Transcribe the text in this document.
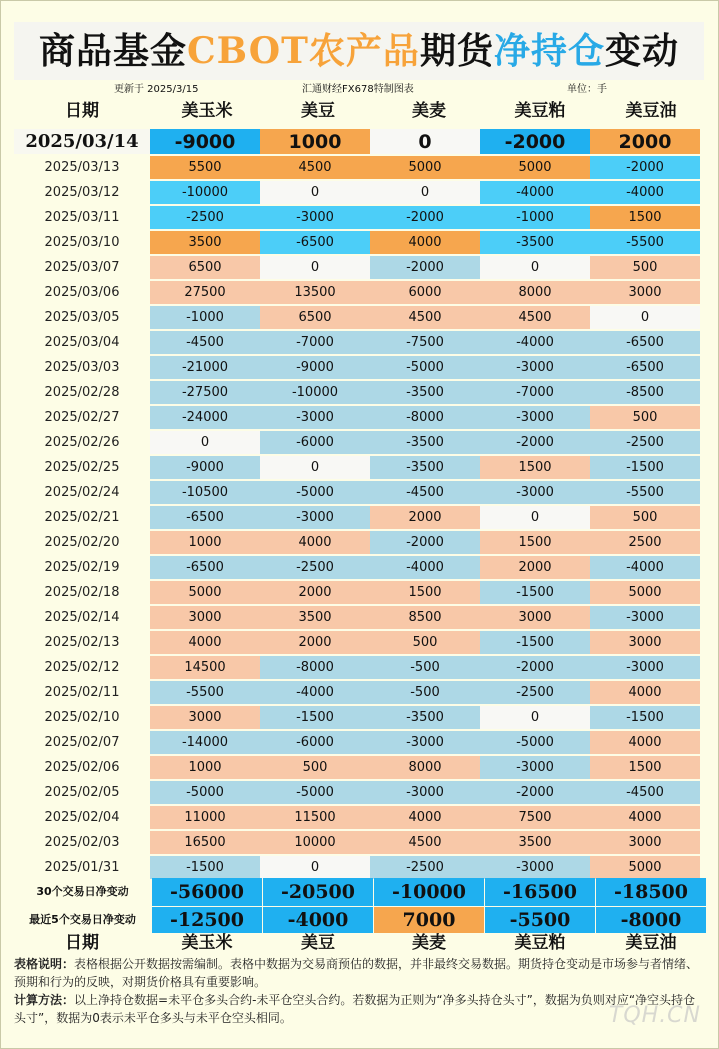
商品基金CBOT农产品期货净持仓变动
更新于 2025/3/15	汇通财经FX678特制图表	单位：手
日期	美玉米	美豆	美麦	美豆粕	美豆油
2025/03/14	-9000	1000	0	-2000	2000
2025/03/13	5500	4500	5000	5000	-2000
2025/03/12	-10000	0	0	-4000	-4000
2025/03/11	-2500	-3000	-2000	-1000	1500
2025/03/10	3500	-6500	4000	-3500	-5500
2025/03/07	6500	0	-2000	0	500
2025/03/06	27500	13500	6000	8000	3000
2025/03/05	-1000	6500	4500	4500	0
2025/03/04	-4500	-7000	-7500	-4000	-6500
2025/03/03	-21000	-9000	-5000	-3000	-6500
2025/02/28	-27500	-10000	-3500	-7000	-8500
2025/02/27	-24000	-3000	-8000	-3000	500
2025/02/26	0	-6000	-3500	-2000	-2500
2025/02/25	-9000	0	-3500	1500	-1500
2025/02/24	-10500	-5000	-4500	-3000	-5500
2025/02/21	-6500	-3000	2000	0	500
2025/02/20	1000	4000	-2000	1500	2500
2025/02/19	-6500	-2500	-4000	2000	-4000
2025/02/18	5000	2000	1500	-1500	5000
2025/02/14	3000	3500	8500	3000	-3000
2025/02/13	4000	2000	500	-1500	3000
2025/02/12	14500	-8000	-500	-2000	-3000
2025/02/11	-5500	-4000	-500	-2500	4000
2025/02/10	3000	-1500	-3500	0	-1500
2025/02/07	-14000	-6000	-3000	-5000	4000
2025/02/06	1000	500	8000	-3000	1500
2025/02/05	-5000	-5000	-3000	-2000	-4500
2025/02/04	11000	11500	4000	7500	4000
2025/02/03	16500	10000	4500	3500	3000
2025/01/31	-1500	0	-2500	-3000	5000
30个交易日净变动	-56000	-20500	-10000	-16500	-18500
最近5个交易日净变动	-12500	-4000	7000	-5500	-8000
日期	美玉米	美豆	美麦	美豆粕	美豆油
表格说明：表格根据公开数据按需编制。表格中数据为交易商预估的数据，并非最终交易数据。期货持仓变动是市场参与者情绪、预期和行为的反映，对期货价格具有重要影响。
计算方法：以上净持仓数据=未平仓多头合约-未平仓空头合约。若数据为正则为“净多头持仓头寸”，数据为负则对应“净空头持仓头寸”，数据为0表示未平仓多头与未平仓空头相同。	TQH.CN
